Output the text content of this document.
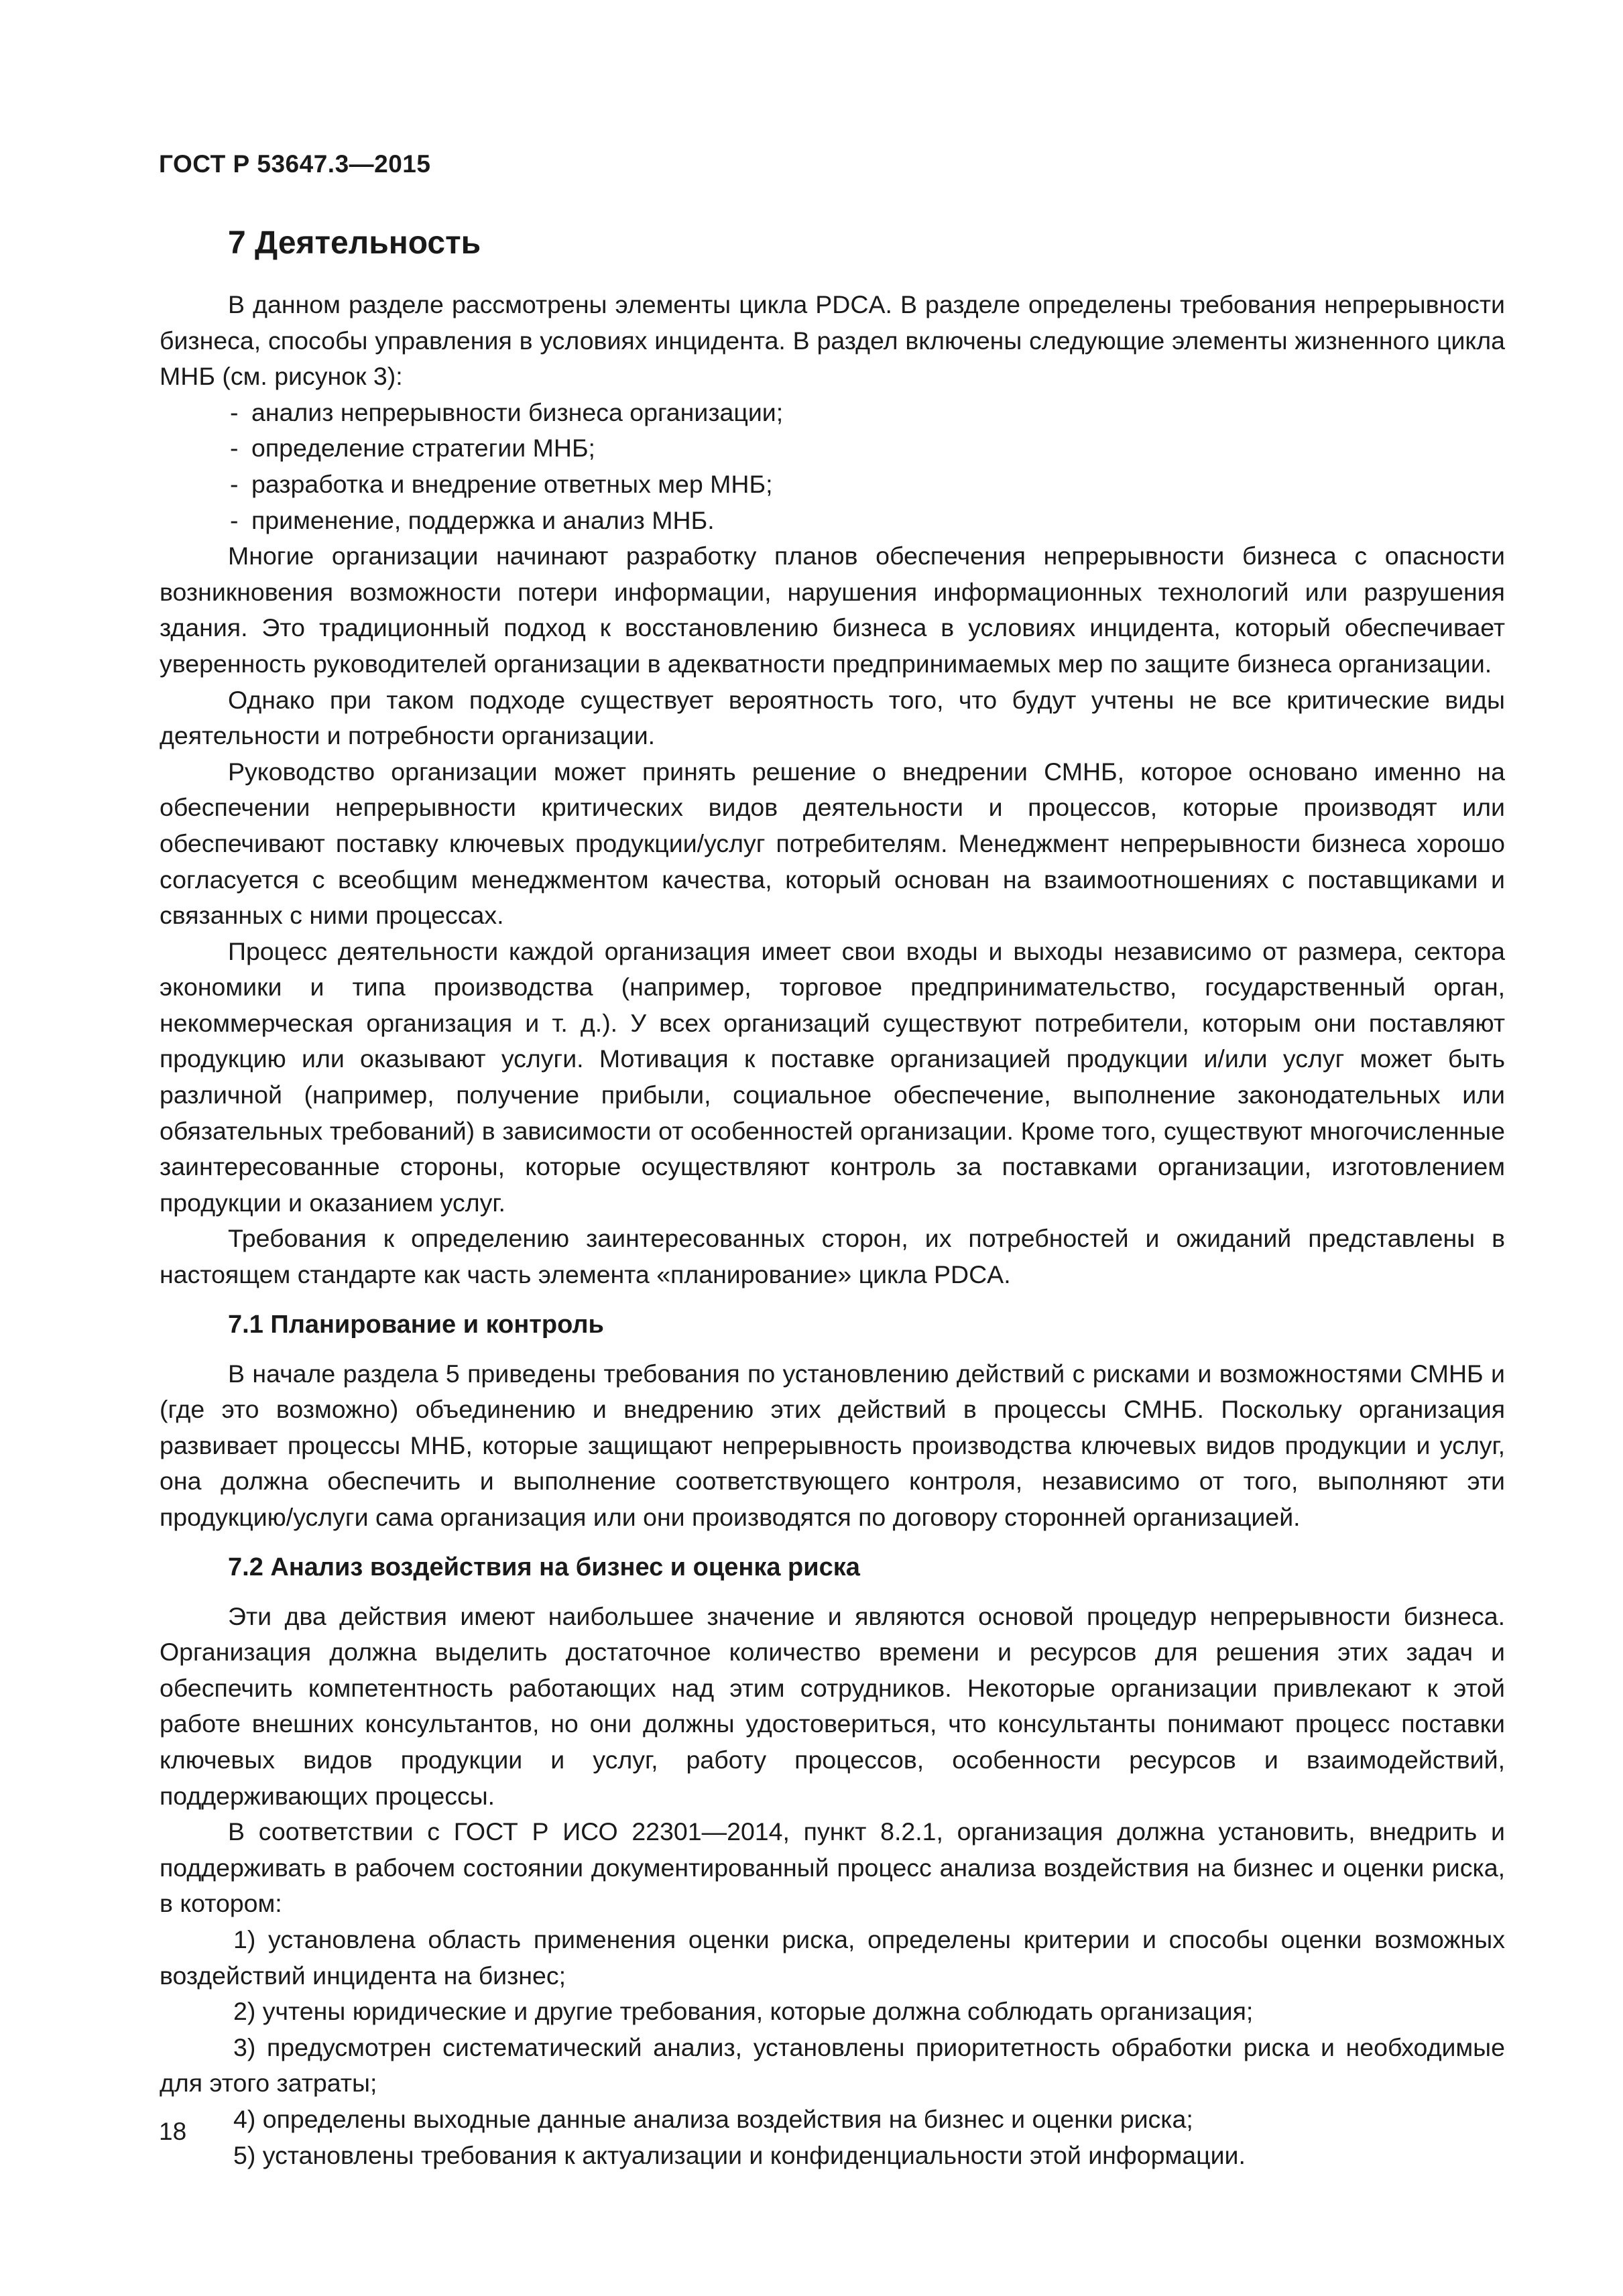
ГОСТ Р 53647.3—2015
7 Деятельность

В данном разделе рассмотрены элементы цикла PDCA. В разделе определены требования непрерывности бизнеса, способы управления в условиях инцидента. В раздел включены следующие элементы жизненного цикла МНБ (см. рисунок 3):

- анализ непрерывности бизнеса организации;
- определение стратегии МНБ;
- разработка и внедрение ответных мер МНБ;
- применение, поддержка и анализ МНБ.

Многие организации начинают разработку планов обеспечения непрерывности бизнеса с опасности возникновения возможности потери информации, нарушения информационных технологий или разрушения здания. Это традиционный подход к восстановлению бизнеса в условиях инцидента, который обеспечивает уверенность руководителей организации в адекватности предпринимаемых мер по защите бизнеса организации.

Однако при таком подходе существует вероятность того, что будут учтены не все критические виды деятельности и потребности организации.

Руководство организации может принять решение о внедрении СМНБ, которое основано именно на обеспечении непрерывности критических видов деятельности и процессов, которые производят или обеспечивают поставку ключевых продукции/услуг потребителям. Менеджмент непрерывности бизнеса хорошо согласуется с всеобщим менеджментом качества, который основан на взаимоотношениях с поставщиками и связанных с ними процессах.

Процесс деятельности каждой организация имеет свои входы и выходы независимо от размера, сектора экономики и типа производства (например, торговое предпринимательство, государственный орган, некоммерческая организация и т. д.). У всех организаций существуют потребители, которым они поставляют продукцию или оказывают услуги. Мотивация к поставке организацией продукции и/или услуг может быть различной (например, получение прибыли, социальное обеспечение, выполнение законодательных или обязательных требований) в зависимости от особенностей организации. Кроме того, существуют многочисленные заинтересованные стороны, которые осуществляют контроль за поставками организации, изготовлением продукции и оказанием услуг.

Требования к определению заинтересованных сторон, их потребностей и ожиданий представлены в настоящем стандарте как часть элемента «планирование» цикла PDCA.

7.1 Планирование и контроль

В начале раздела 5 приведены требования по установлению действий с рисками и возможностями СМНБ и (где это возможно) объединению и внедрению этих действий в процессы СМНБ. Поскольку организация развивает процессы МНБ, которые защищают непрерывность производства ключевых видов продукции и услуг, она должна обеспечить и выполнение соответствующего контроля, независимо от того, выполняют эти продукцию/услуги сама организация или они производятся по договору сторонней организацией.

7.2 Анализ воздействия на бизнес и оценка риска

Эти два действия имеют наибольшее значение и являются основой процедур непрерывности бизнеса. Организация должна выделить достаточное количество времени и ресурсов для решения этих задач и обеспечить компетентность работающих над этим сотрудников. Некоторые организации привлекают к этой работе внешних консультантов, но они должны удостовериться, что консультанты понимают процесс поставки ключевых видов продукции и услуг, работу процессов, особенности ресурсов и взаимодействий, поддерживающих процессы.

В соответствии с ГОСТ Р ИСО 22301—2014, пункт 8.2.1, организация должна установить, внедрить и поддерживать в рабочем состоянии документированный процесс анализа воздействия на бизнес и оценки риска, в котором:

1) установлена область применения оценки риска, определены критерии и способы оценки возможных воздействий инцидента на бизнес;
2) учтены юридические и другие требования, которые должна соблюдать организация;
3) предусмотрен систематический анализ, установлены приоритетность обработки риска и необходимые для этого затраты;
4) определены выходные данные анализа воздействия на бизнес и оценки риска;
5) установлены требования к актуализации и конфиденциальности этой информации.
18
